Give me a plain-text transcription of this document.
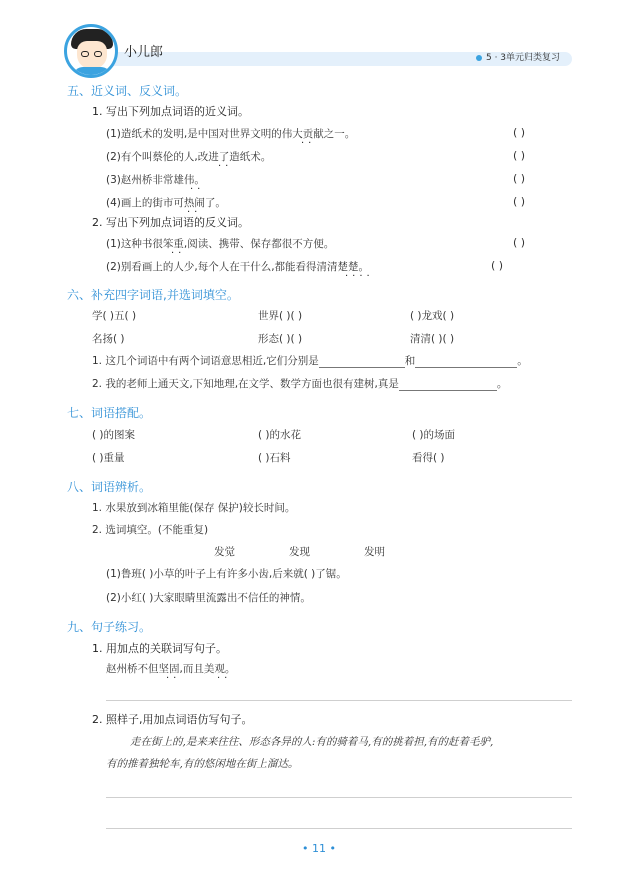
小儿郎	5 · 3单元归类复习
五、近义词、反义词。
1. 写出下列加点词语的近义词。
(1)造纸术的发明,是中国对世界文明的伟大贡献之一。
··
( )
(2)有个叫蔡伦的人,改进了造纸术。
··
( )
(3)赵州桥非常雄伟。
··
( )
(4)画上的街市可热闹了。
··
( )
2. 写出下列加点词语的反义词。
(1)这种书很笨重,阅读、携带、保存都很不方便。
··
( )
(2)别看画上的人少,每个人在干什么,都能看得清清楚楚。
····
( )
六、补充四字词语,并选词填空。
学( )五( )	世界( )( )	( )龙戏( )
名扬( )	形态( )( )	清清( )( )
1. 这几个词语中有两个词语意思相近,它们分别是	和	。
2. 我的老师上通天文,下知地理,在文学、数学方面也很有建树,真是	。
七、词语搭配。
( )的图案	( )的水花	( )的场面
( )重量	( )石料	看得( )
八、词语辨析。
1. 水果放到冰箱里能(保存 保护)较长时间。
2. 选词填空。(不能重复)
发觉	发现	发明
(1)鲁班( )小草的叶子上有许多小齿,后来就( )了锯。
(2)小红( )大家眼睛里流露出不信任的神情。
九、句子练习。
1. 用加点的关联词写句子。
赵州桥不但坚固,而且美观。
··	··
2. 照样子,用加点词语仿写句子。
走在街上的,是来来往往、形态各异的人:有的骑着马,有的挑着担,有的赶着毛驴,
有的推着独轮车,有的悠闲地在街上溜达。
• 11 •
